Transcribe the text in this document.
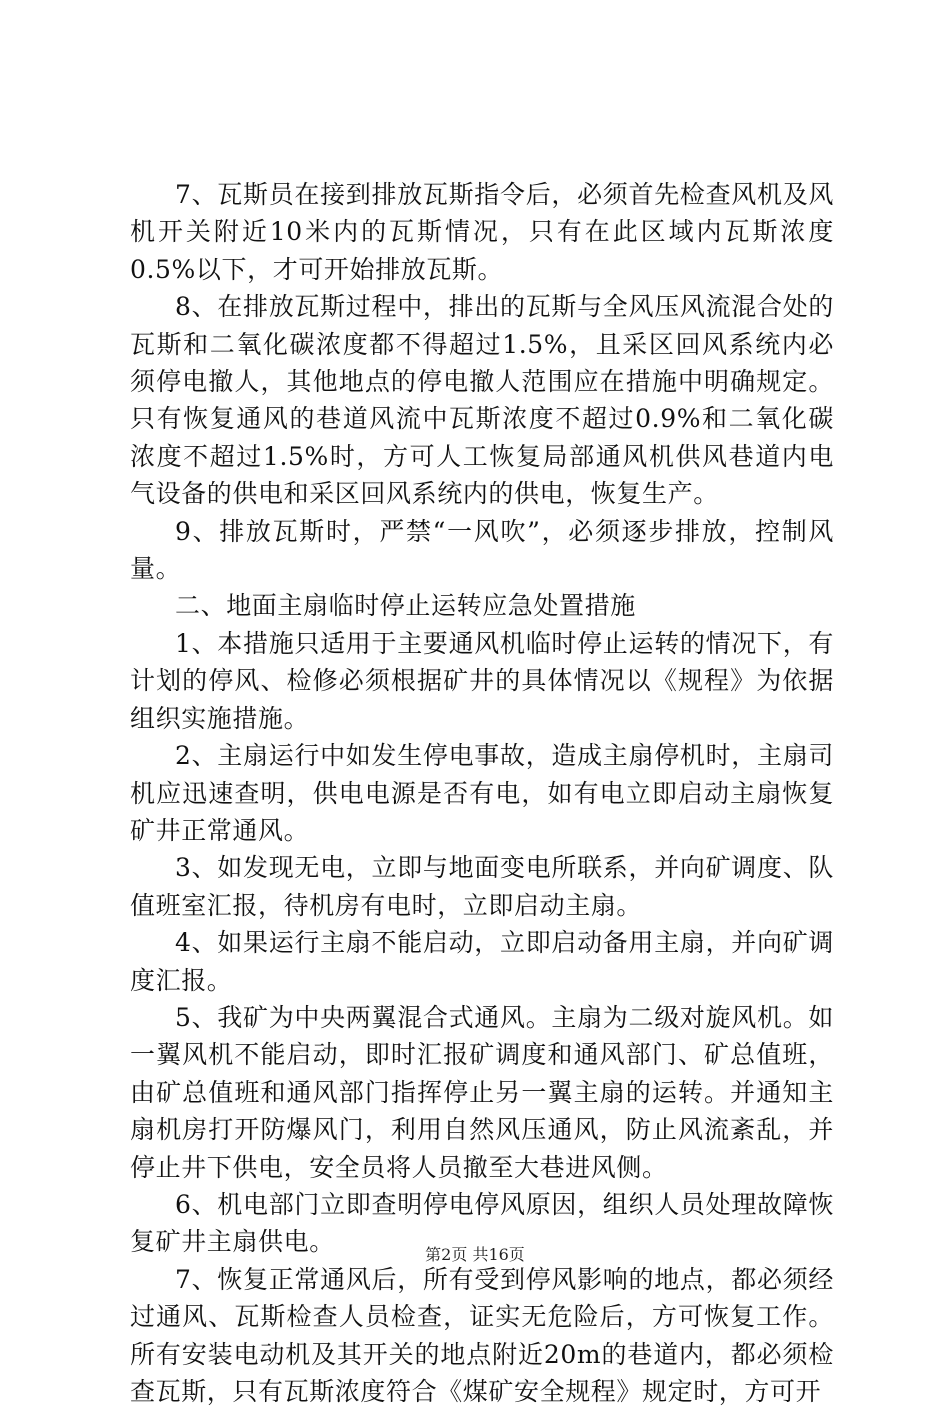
7、瓦斯员在接到排放瓦斯指令后，必须首先检查风机及风机开关附近10米内的瓦斯情况，只有在此区域内瓦斯浓度0.5%以下，才可开始排放瓦斯。

8、在排放瓦斯过程中，排出的瓦斯与全风压风流混合处的瓦斯和二氧化碳浓度都不得超过1.5%，且采区回风系统内必须停电撤人，其他地点的停电撤人范围应在措施中明确规定。只有恢复通风的巷道风流中瓦斯浓度不超过0.9%和二氧化碳浓度不超过1.5%时，方可人工恢复局部通风机供风巷道内电气设备的供电和采区回风系统内的供电，恢复生产。

9、排放瓦斯时，严禁“一风吹”，必须逐步排放，控制风量。

二、地面主扇临时停止运转应急处置措施

1、本措施只适用于主要通风机临时停止运转的情况下，有计划的停风、检修必须根据矿井的具体情况以《规程》为依据组织实施措施。

2、主扇运行中如发生停电事故，造成主扇停机时，主扇司机应迅速查明，供电电源是否有电，如有电立即启动主扇恢复矿井正常通风。

3、如发现无电，立即与地面变电所联系，并向矿调度、队值班室汇报，待机房有电时，立即启动主扇。

4、如果运行主扇不能启动，立即启动备用主扇，并向矿调度汇报。

5、我矿为中央两翼混合式通风。主扇为二级对旋风机。如一翼风机不能启动，即时汇报矿调度和通风部门、矿总值班，由矿总值班和通风部门指挥停止另一翼主扇的运转。并通知主扇机房打开防爆风门，利用自然风压通风，防止风流紊乱，并停止井下供电，安全员将人员撤至大巷进风侧。

6、机电部门立即查明停电停风原因，组织人员处理故障恢复矿井主扇供电。

7、恢复正常通风后，所有受到停风影响的地点，都必须经过通风、瓦斯检查人员检查，证实无危险后，方可恢复工作。所有安装电动机及其开关的地点附近20m的巷道内，都必须检查瓦斯，只有瓦斯浓度符合《煤矿安全规程》规定时，方可开

第2页 共16页
